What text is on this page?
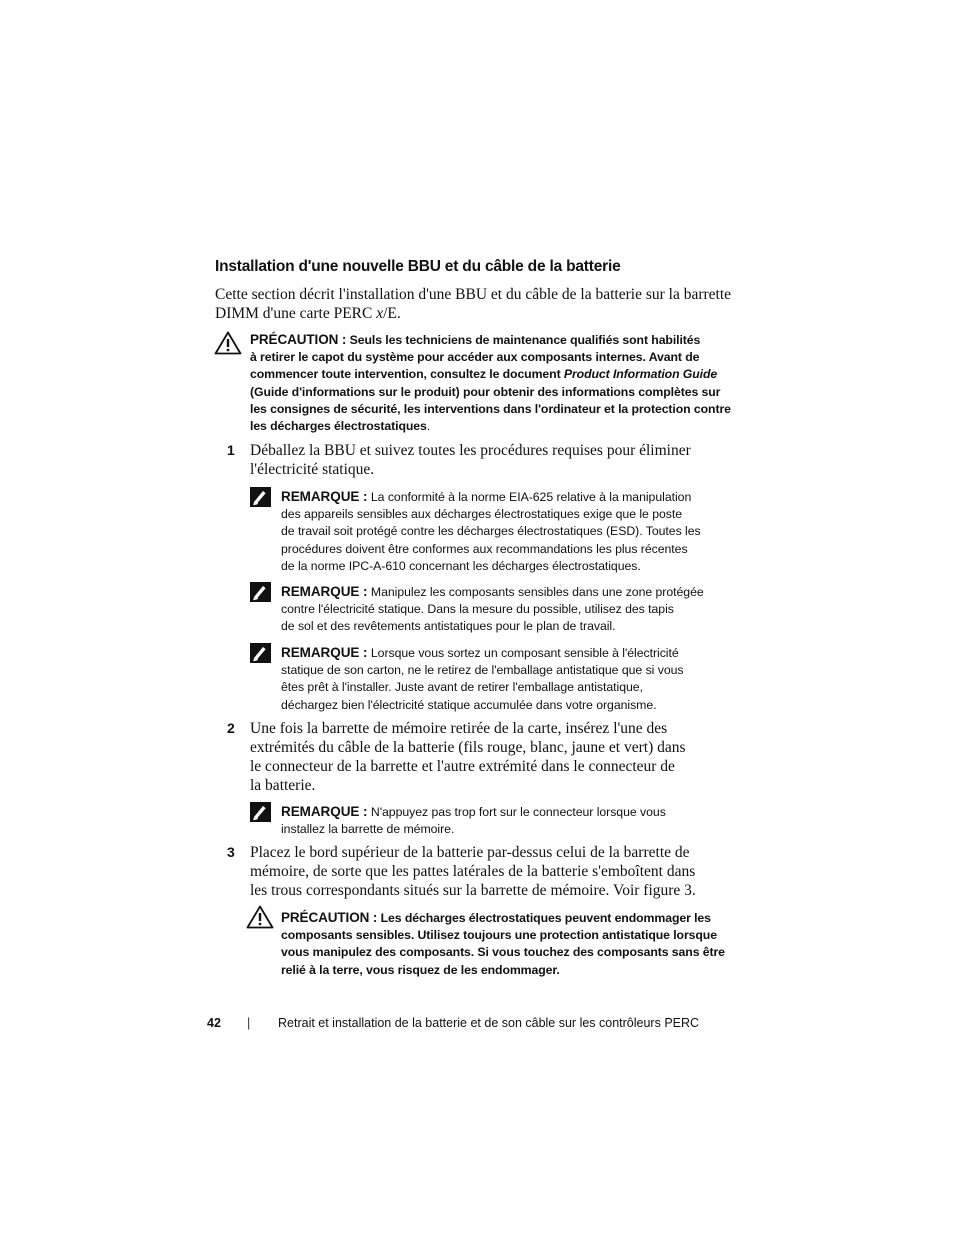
Installation d'une nouvelle BBU et du câble de la batterie
Cette section décrit l'installation d'une BBU et du câble de la batterie sur la barrette
DIMM d'une carte PERC x/E.
PRÉCAUTION : Seuls les techniciens de maintenance qualifiés sont habilités
à retirer le capot du système pour accéder aux composants internes. Avant de
commencer toute intervention, consultez le document Product Information Guide
(Guide d'informations sur le produit) pour obtenir des informations complètes sur
les consignes de sécurité, les interventions dans l'ordinateur et la protection contre
les décharges électrostatiques.
1 Déballez la BBU et suivez toutes les procédures requises pour éliminer
l'électricité statique.
REMARQUE : La conformité à la norme EIA-625 relative à la manipulation
des appareils sensibles aux décharges électrostatiques exige que le poste
de travail soit protégé contre les décharges électrostatiques (ESD). Toutes les
procédures doivent être conformes aux recommandations les plus récentes
de la norme IPC-A-610 concernant les décharges électrostatiques.
REMARQUE : Manipulez les composants sensibles dans une zone protégée
contre l'électricité statique. Dans la mesure du possible, utilisez des tapis
de sol et des revêtements antistatiques pour le plan de travail.
REMARQUE : Lorsque vous sortez un composant sensible à l'électricité
statique de son carton, ne le retirez de l'emballage antistatique que si vous
êtes prêt à l'installer. Juste avant de retirer l'emballage antistatique,
déchargez bien l'électricité statique accumulée dans votre organisme.
2 Une fois la barrette de mémoire retirée de la carte, insérez l'une des
extrémités du câble de la batterie (fils rouge, blanc, jaune et vert) dans
le connecteur de la barrette et l'autre extrémité dans le connecteur de
la batterie.
REMARQUE : N'appuyez pas trop fort sur le connecteur lorsque vous
installez la barrette de mémoire.
3 Placez le bord supérieur de la batterie par-dessus celui de la barrette de
mémoire, de sorte que les pattes latérales de la batterie s'emboîtent dans
les trous correspondants situés sur la barrette de mémoire. Voir figure 3.
PRÉCAUTION : Les décharges électrostatiques peuvent endommager les
composants sensibles. Utilisez toujours une protection antistatique lorsque
vous manipulez des composants. Si vous touchez des composants sans être
relié à la terre, vous risquez de les endommager.
42 | Retrait et installation de la batterie et de son câble sur les contrôleurs PERC
